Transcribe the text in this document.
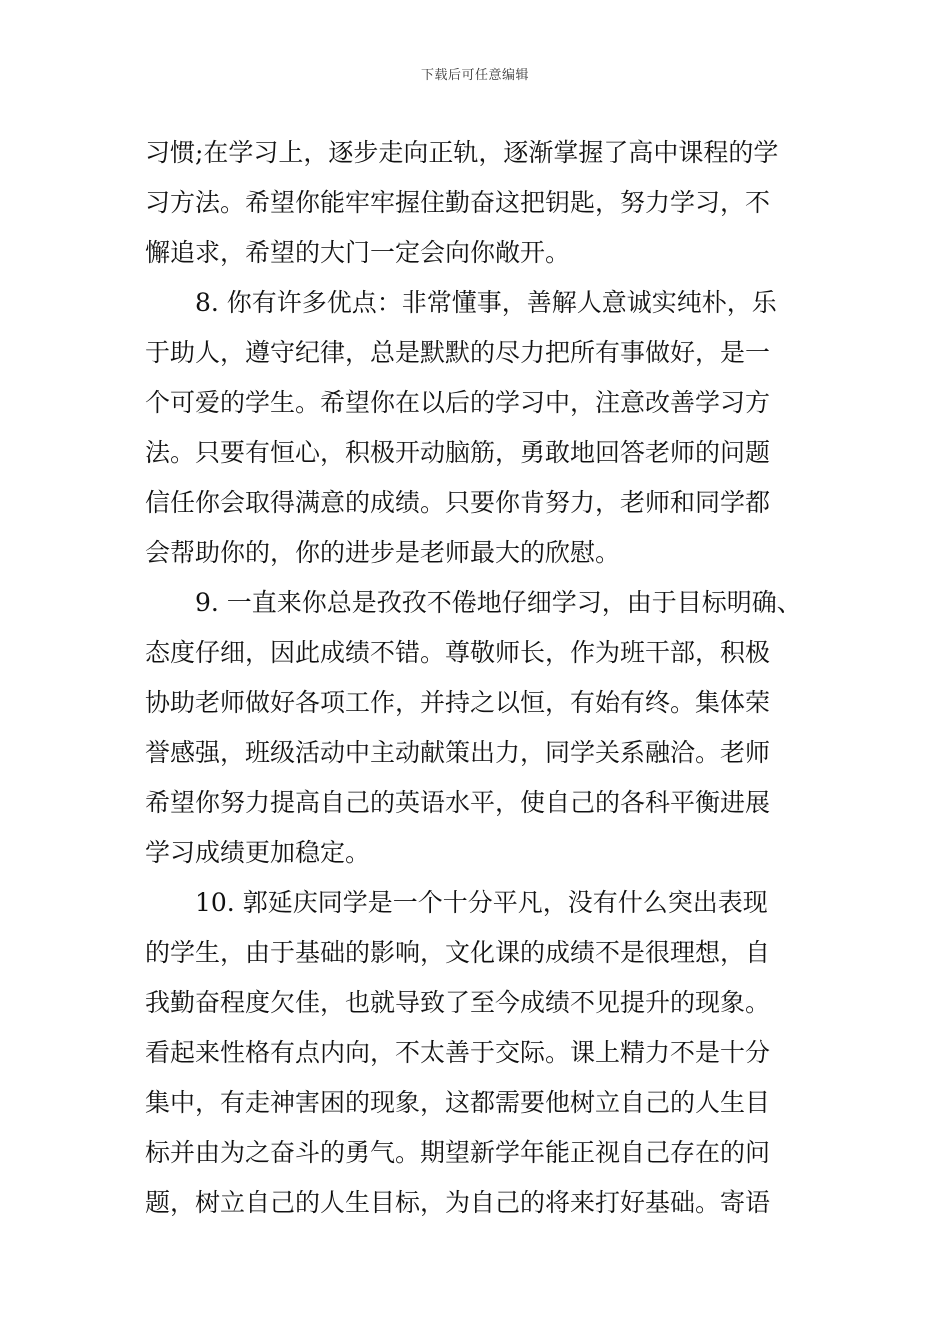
下载后可任意编辑
习惯;在学习上，逐步走向正轨，逐渐掌握了高中课程的学
习方法。希望你能牢牢握住勤奋这把钥匙，努力学习，不
懈追求，希望的大门一定会向你敞开。
8. 你有许多优点：非常懂事，善解人意诚实纯朴，乐
于助人，遵守纪律，总是默默的尽力把所有事做好，是一
个可爱的学生。希望你在以后的学习中，注意改善学习方
法。只要有恒心，积极开动脑筋，勇敢地回答老师的问题
信任你会取得满意的成绩。只要你肯努力，老师和同学都
会帮助你的，你的进步是老师最大的欣慰。
9. 一直来你总是孜孜不倦地仔细学习，由于目标明确、
态度仔细，因此成绩不错。尊敬师长，作为班干部，积极
协助老师做好各项工作，并持之以恒，有始有终。集体荣
誉感强，班级活动中主动献策出力，同学关系融洽。老师
希望你努力提高自己的英语水平，使自己的各科平衡进展
学习成绩更加稳定。
10. 郭延庆同学是一个十分平凡，没有什么突出表现
的学生，由于基础的影响，文化课的成绩不是很理想，自
我勤奋程度欠佳，也就导致了至今成绩不见提升的现象。
看起来性格有点内向，不太善于交际。课上精力不是十分
集中，有走神害困的现象，这都需要他树立自己的人生目
标并由为之奋斗的勇气。期望新学年能正视自己存在的问
题，树立自己的人生目标，为自己的将来打好基础。寄语
